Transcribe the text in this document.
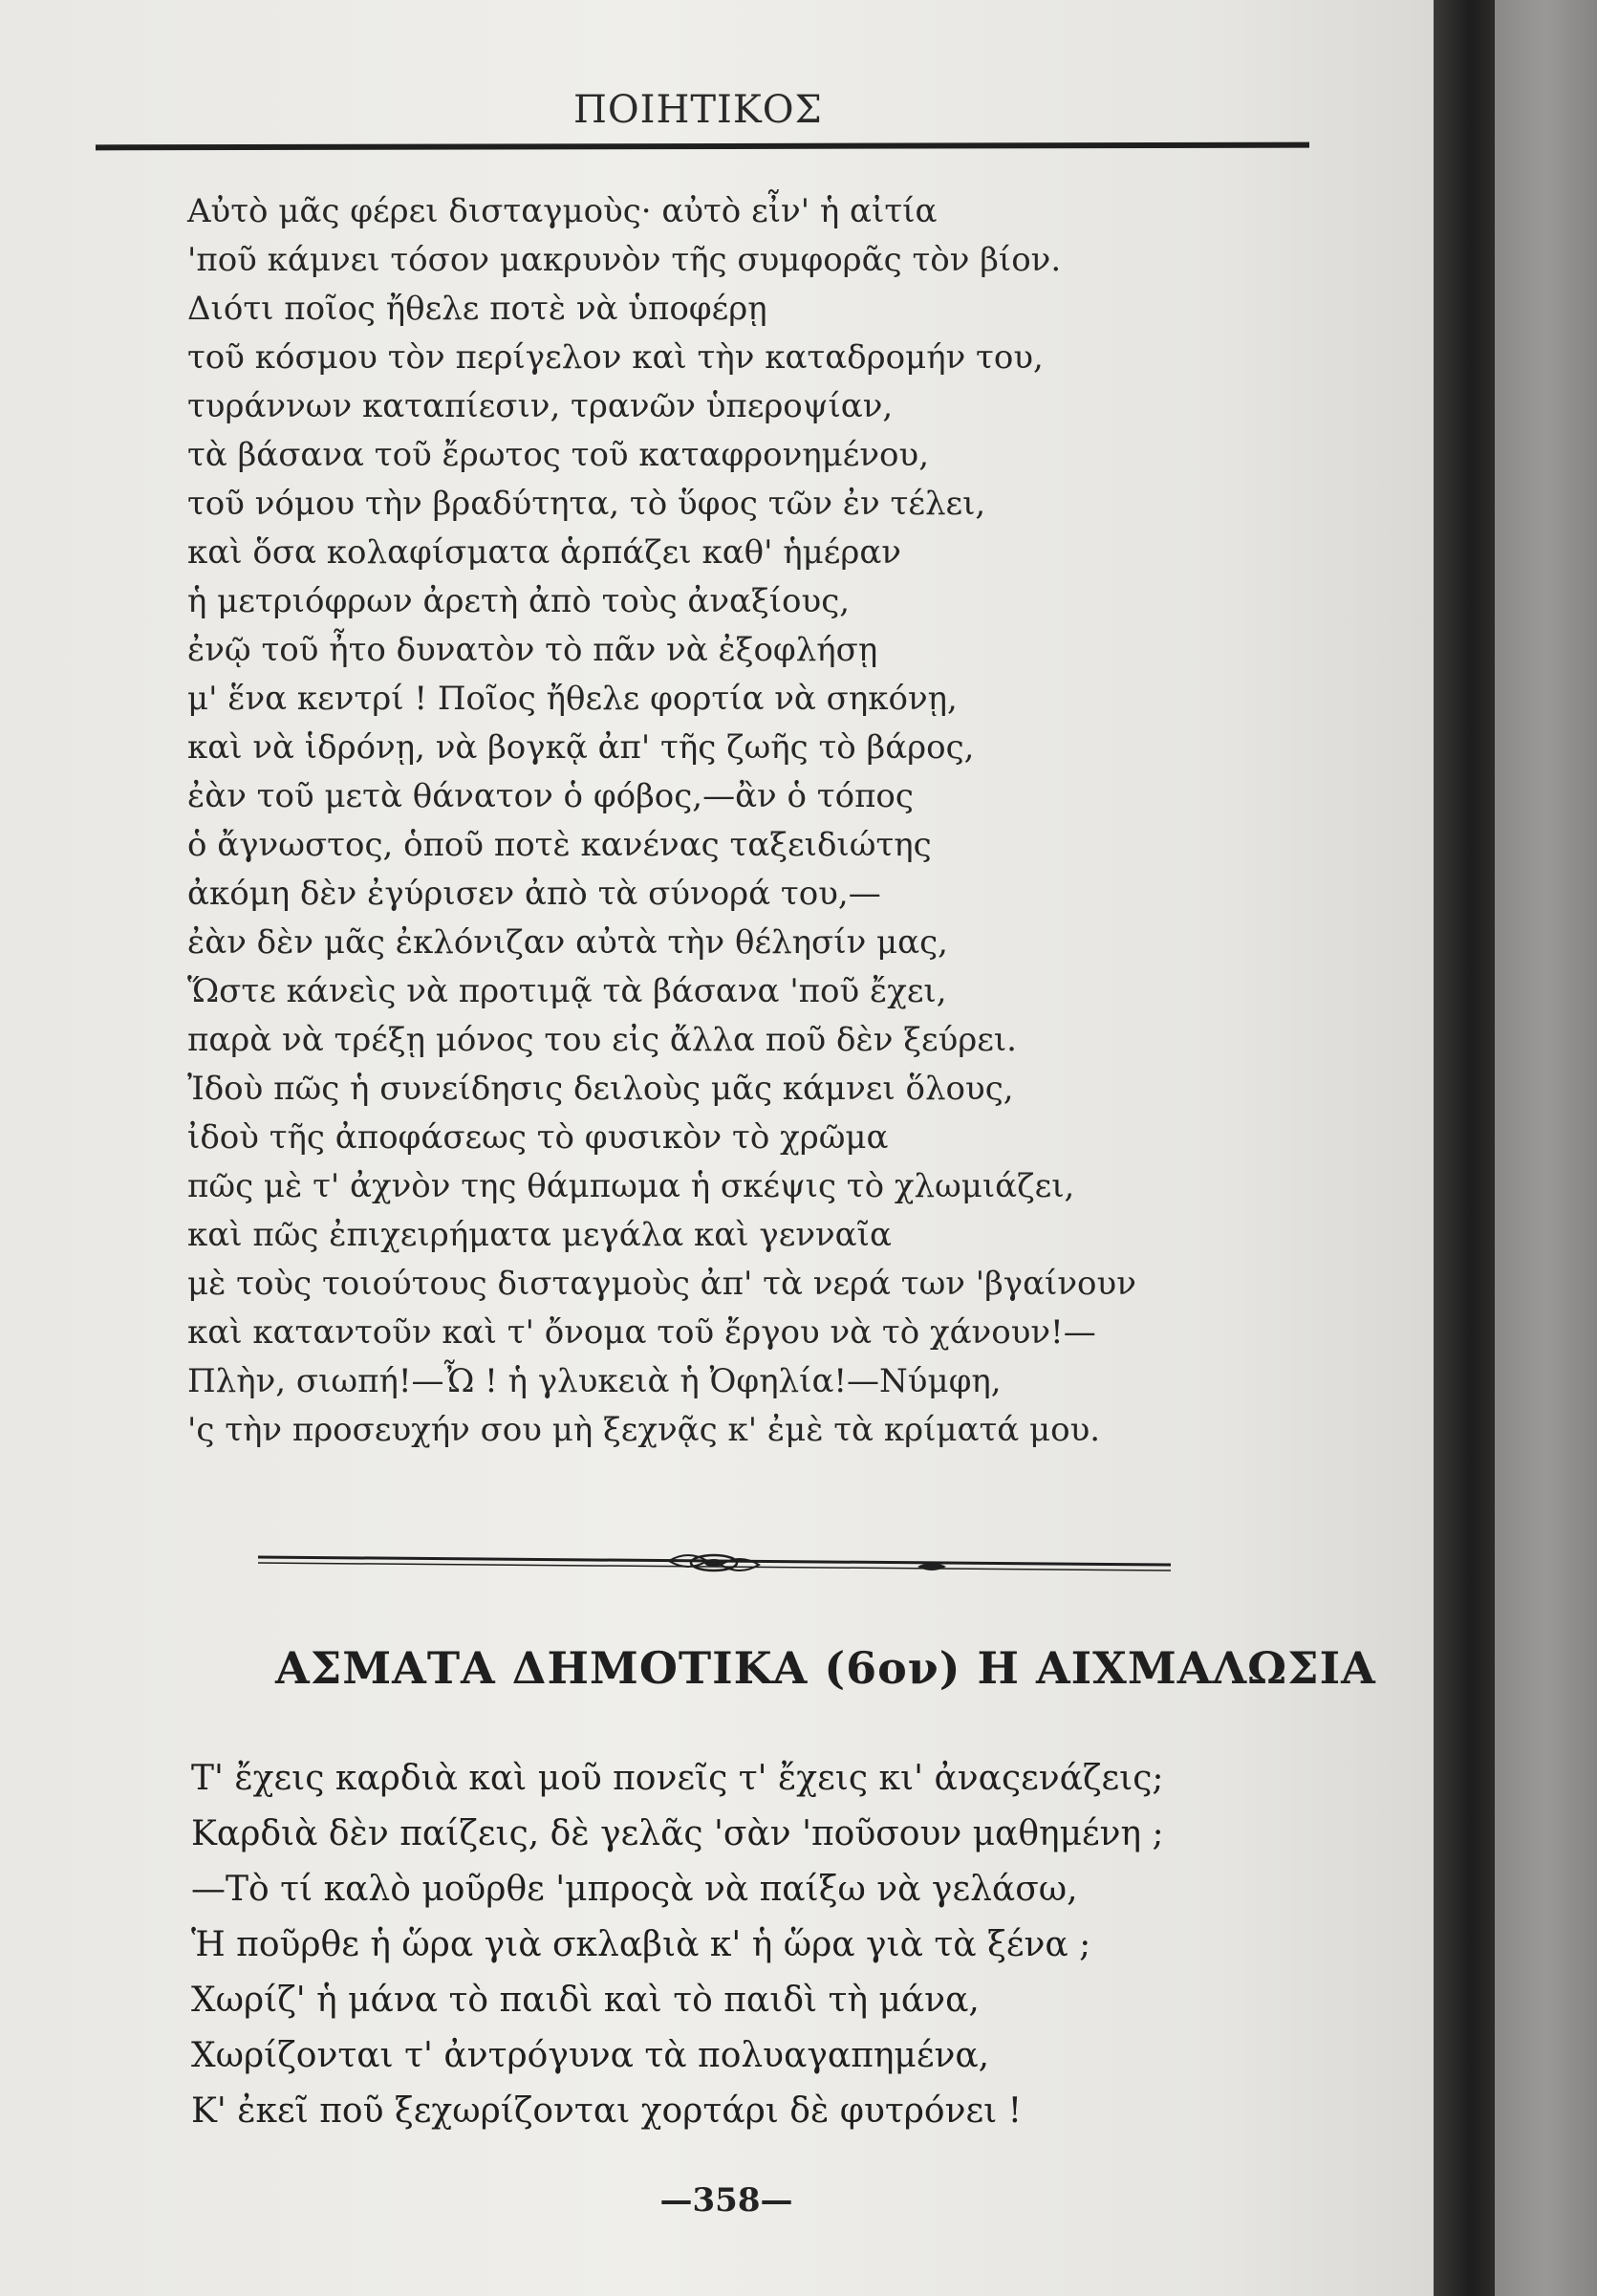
ΠΟΙΗΤΙΚΟΣ
Αὐτὸ μᾶς φέρει δισταγμοὺς· αὐτὸ εἶν' ἡ αἰτία
'ποῦ κάμνει τόσον μακρυνὸν τῆς συμφορᾶς τὸν βίον.
Διότι ποῖος ἤθελε ποτὲ νὰ ὑποφέρῃ
τοῦ κόσμου τὸν περίγελον καὶ τὴν καταδρομήν του,
τυράννων καταπίεσιν, τρανῶν ὑπεροψίαν,
τὰ βάσανα τοῦ ἔρωτος τοῦ καταφρονημένου,
τοῦ νόμου τὴν βραδύτητα, τὸ ὕφος τῶν ἐν τέλει,
καὶ ὅσα κολαφίσματα ἁρπάζει καθ' ἡμέραν
ἡ μετριόφρων ἀρετὴ ἀπὸ τοὺς ἀναξίους,
ἐνῷ τοῦ ἦτο δυνατὸν τὸ πᾶν νὰ ἐξοφλήσῃ
μ' ἕνα κεντρί ! Ποῖος ἤθελε φορτία νὰ σηκόνῃ,
καὶ νὰ ἱδρόνῃ, νὰ βογκᾷ ἀπ' τῆς ζωῆς τὸ βάρος,
ἐὰν τοῦ μετὰ θάνατον ὁ φόβος,—ἂν ὁ τόπος
ὁ ἄγνωστος, ὁποῦ ποτὲ κανένας ταξειδιώτης
ἀκόμη δὲν ἐγύρισεν ἀπὸ τὰ σύνορά του,—
ἐὰν δὲν μᾶς ἐκλόνιζαν αὐτὰ τὴν θέλησίν μας,
Ὥστε κάνεὶς νὰ προτιμᾷ τὰ βάσανα 'ποῦ ἔχει,
παρὰ νὰ τρέξῃ μόνος του εἰς ἄλλα ποῦ δὲν ξεύρει.
Ἰδοὺ πῶς ἡ συνείδησις δειλοὺς μᾶς κάμνει ὅλους,
ἰδοὺ τῆς ἀποφάσεως τὸ φυσικὸν τὸ χρῶμα
πῶς μὲ τ' ἀχνὸν της θάμπωμα ἡ σκέψις τὸ χλωμιάζει,
καὶ πῶς ἐπιχειρήματα μεγάλα καὶ γενναῖα
μὲ τοὺς τοιούτους δισταγμοὺς ἀπ' τὰ νερά των 'βγαίνουν
καὶ καταντοῦν καὶ τ' ὄνομα τοῦ ἔργου νὰ τὸ χάνουν!—
Πλὴν, σιωπή!—Ὦ ! ἡ γλυκειὰ ἡ Ὀφηλία!—Νύμφη,
'ς τὴν προσευχήν σου μὴ ξεχνᾷς κ' ἐμὲ τὰ κρίματά μου.
ΑΣΜΑΤΑ ΔΗΜΟΤΙΚΑ (6ον) Η ΑΙΧΜΑΛΩΣΙΑ
Τ' ἔχεις καρδιὰ καὶ μοῦ πονεῖς τ' ἔχεις κι' ἀναςενάζεις;
Καρδιὰ δὲν παίζεις, δὲ γελᾶς 'σὰν 'ποῦσουν μαθημένη ;
—Τὸ τί καλὸ μοῦρθε 'μπροςὰ νὰ παίξω νὰ γελάσω,
Ἡ ποῦρθε ἡ ὥρα γιὰ σκλαβιὰ κ' ἡ ὥρα γιὰ τὰ ξένα ;
Χωρίζ' ἡ μάνα τὸ παιδὶ καὶ τὸ παιδὶ τὴ μάνα,
Χωρίζονται τ' ἀντρόγυνα τὰ πολυαγαπημένα,
Κ' ἐκεῖ ποῦ ξεχωρίζονται χορτάρι δὲ φυτρόνει !
—358—
